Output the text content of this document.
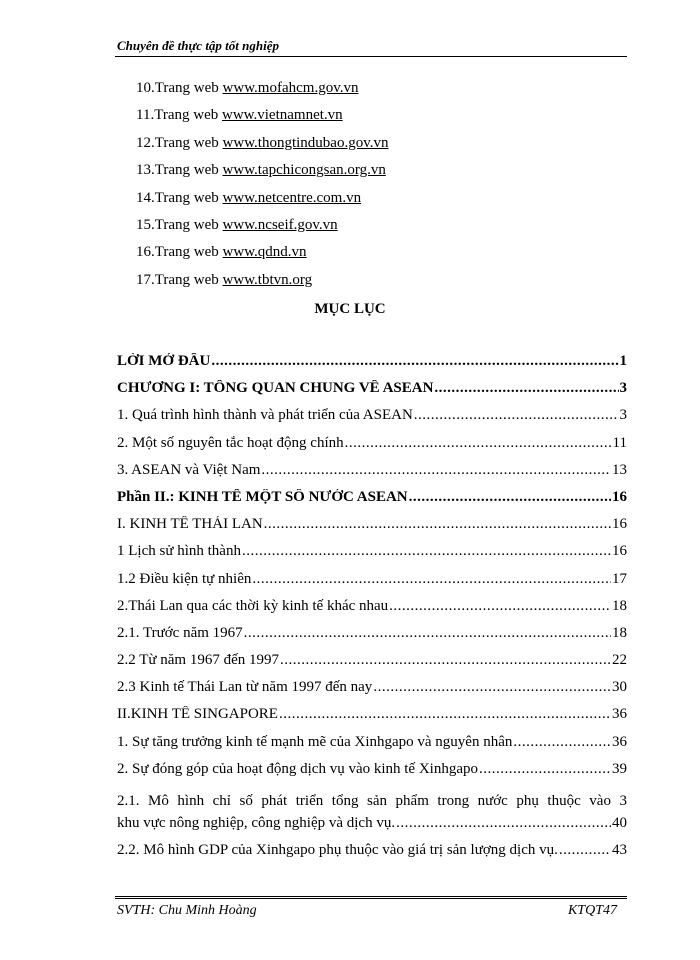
Chuyên đề thực tập tốt nghiệp
10.Trang web www.mofahcm.gov.vn
11.Trang web www.vietnamnet.vn
12.Trang web www.thongtindubao.gov.vn
13.Trang web www.tapchicongsan.org.vn
14.Trang web www.netcentre.com.vn
15.Trang web www.ncseif.gov.vn
16.Trang web www.qdnd.vn
17.Trang web www.tbtvn.org
MỤC LỤC
LỜI MỞ ĐẦU .....	1
CHƯƠNG I: TỔNG QUAN CHUNG VỀ ASEAN .....	3
1. Quá trình hình thành và phát triển của ASEAN .....	3
2. Một số nguyên tắc hoạt động chính .....	11
3. ASEAN và Việt Nam .....	13
Phần II.: KINH TẾ MỘT SỐ NƯỚC ASEAN .....	16
I. KINH TẾ THÁI LAN .....	16
1 Lịch sử hình thành .....	16
1.2 Điều kiện tự nhiên .....	17
2.Thái Lan qua các thời kỳ kinh tế khác nhau .....	18
2.1. Trước năm 1967 .....	18
2.2 Từ năm 1967 đến 1997 .....	22
2.3 Kinh tế Thái Lan từ năm 1997 đến nay .....	30
II.KINH TẾ SINGAPORE .....	36
1. Sự tăng trưởng kinh tế mạnh mẽ của Xinhgapo và nguyên nhân .....	36
2. Sự đóng góp của hoạt động dịch vụ vào kinh tế Xinhgapo .....	39
2.1. Mô hình chỉ số phát triển tổng sản phẩm trong nước phụ thuộc vào 3
khu vực nông nghiệp, công nghiệp và dịch vụ. .....	40
2.2. Mô hình GDP của Xinhgapo phụ thuộc vào giá trị sản lượng dịch vụ. .....	43
SVTH: Chu Minh Hoàng	KTQT47
